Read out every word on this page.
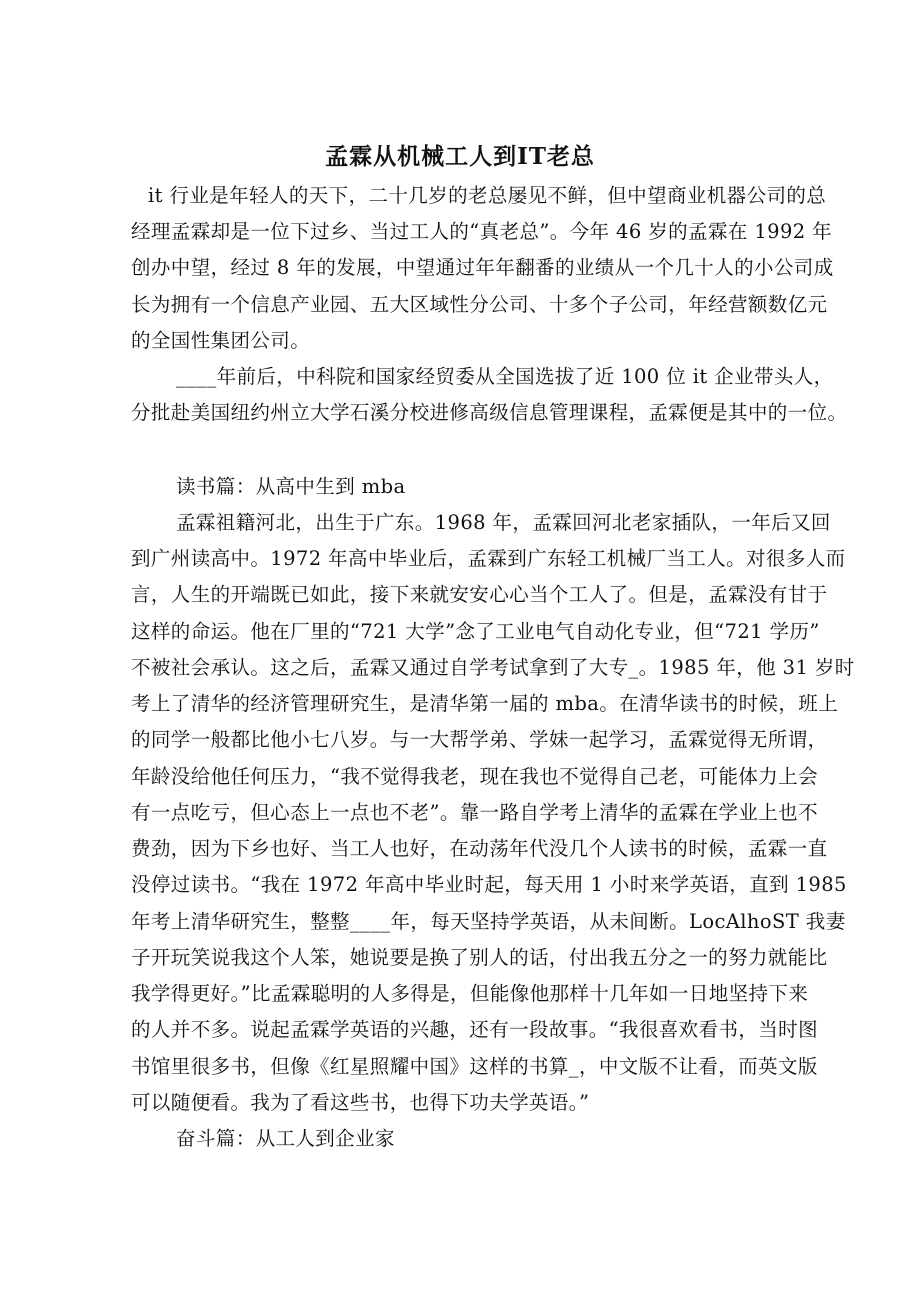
孟霖从机械工人到IT老总
it 行业是年轻人的天下，二十几岁的老总屡见不鲜，但中望商业机器公司的总
经理孟霖却是一位下过乡、当过工人的“真老总”。今年 46 岁的孟霖在 1992 年
创办中望，经过 8 年的发展，中望通过年年翻番的业绩从一个几十人的小公司成
长为拥有一个信息产业园、五大区域性分公司、十多个子公司，年经营额数亿元
的全国性集团公司。
____年前后，中科院和国家经贸委从全国选拔了近 100 位 it 企业带头人，
分批赴美国纽约州立大学石溪分校进修高级信息管理课程，孟霖便是其中的一位。
读书篇：从高中生到 mba
孟霖祖籍河北，出生于广东。1968 年，孟霖回河北老家插队，一年后又回
到广州读高中。1972 年高中毕业后，孟霖到广东轻工机械厂当工人。对很多人而
言，人生的开端既已如此，接下来就安安心心当个工人了。但是，孟霖没有甘于
这样的命运。他在厂里的“721 大学”念了工业电气自动化专业，但“721 学历”
不被社会承认。这之后，孟霖又通过自学考试拿到了大专_。1985 年，他 31 岁时
考上了清华的经济管理研究生，是清华第一届的 mba。在清华读书的时候，班上
的同学一般都比他小七八岁。与一大帮学弟、学妹一起学习，孟霖觉得无所谓，
年龄没给他任何压力，“我不觉得我老，现在我也不觉得自己老，可能体力上会
有一点吃亏，但心态上一点也不老”。靠一路自学考上清华的孟霖在学业上也不
费劲，因为下乡也好、当工人也好，在动荡年代没几个人读书的时候，孟霖一直
没停过读书。“我在 1972 年高中毕业时起，每天用 1 小时来学英语，直到 1985
年考上清华研究生，整整____年，每天坚持学英语，从未间断。LocAlhoST 我妻
子开玩笑说我这个人笨，她说要是换了别人的话，付出我五分之一的努力就能比
我学得更好。”比孟霖聪明的人多得是，但能像他那样十几年如一日地坚持下来
的人并不多。说起孟霖学英语的兴趣，还有一段故事。“我很喜欢看书，当时图
书馆里很多书，但像《红星照耀中国》这样的书算_，中文版不让看，而英文版
可以随便看。我为了看这些书，也得下功夫学英语。”
奋斗篇：从工人到企业家
